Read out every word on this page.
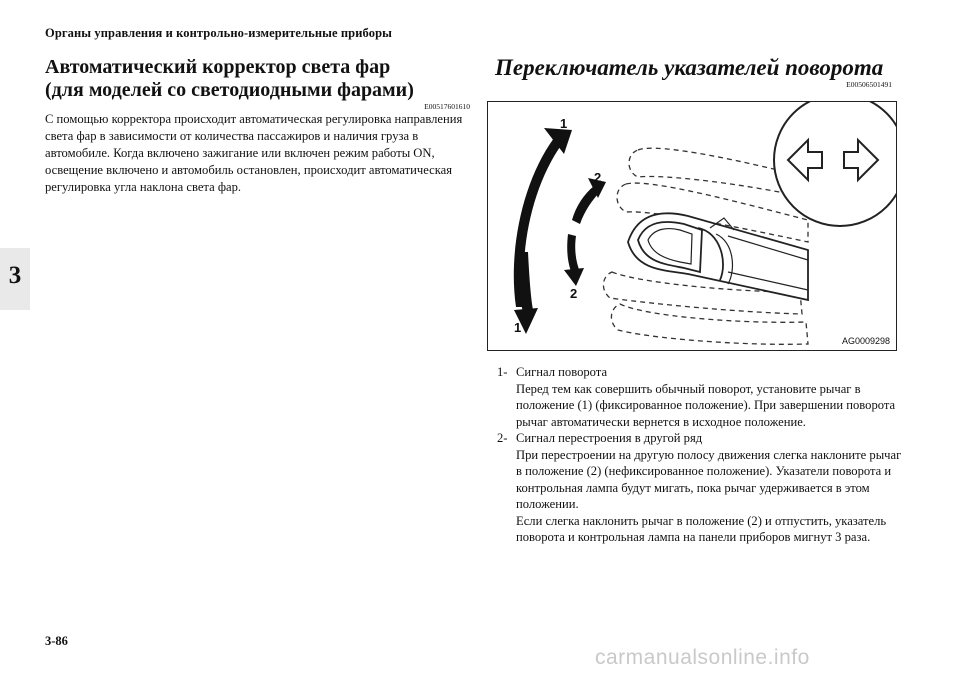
Органы управления и контрольно-измерительные приборы
3
Автоматический корректор света фар
(для моделей со светодиодными фарами)
E00517601610
С помощью корректора происходит автоматическая регулировка направления света фар в зависимости от количества пассажиров и наличия груза в автомобиле. Когда включено зажигание или включен режим работы ON, освещение включено и автомобиль остановлен, происходит автоматическая регулировка угла наклона света фар.
Переключатель указателей поворота
E00506501491
1
2
2
1
AG0009298
1- Сигнал поворота

Перед тем как совершить обычный поворот, установите рычаг в положение (1) (фиксированное положение). При завершении поворота рычаг автоматически вернется в исходное положение.

2- Сигнал перестроения в другой ряд

При перестроении на другую полосу движения слегка наклоните рычаг в положение (2) (нефиксированное положение). Указатели поворота и контрольная лампа будут мигать, пока рычаг удерживается в этом положении.

Если слегка наклонить рычаг в положение (2) и отпустить, указатель поворота и контрольная лампа на панели приборов мигнут 3 раза.

3-86
carmanualsonline.info
